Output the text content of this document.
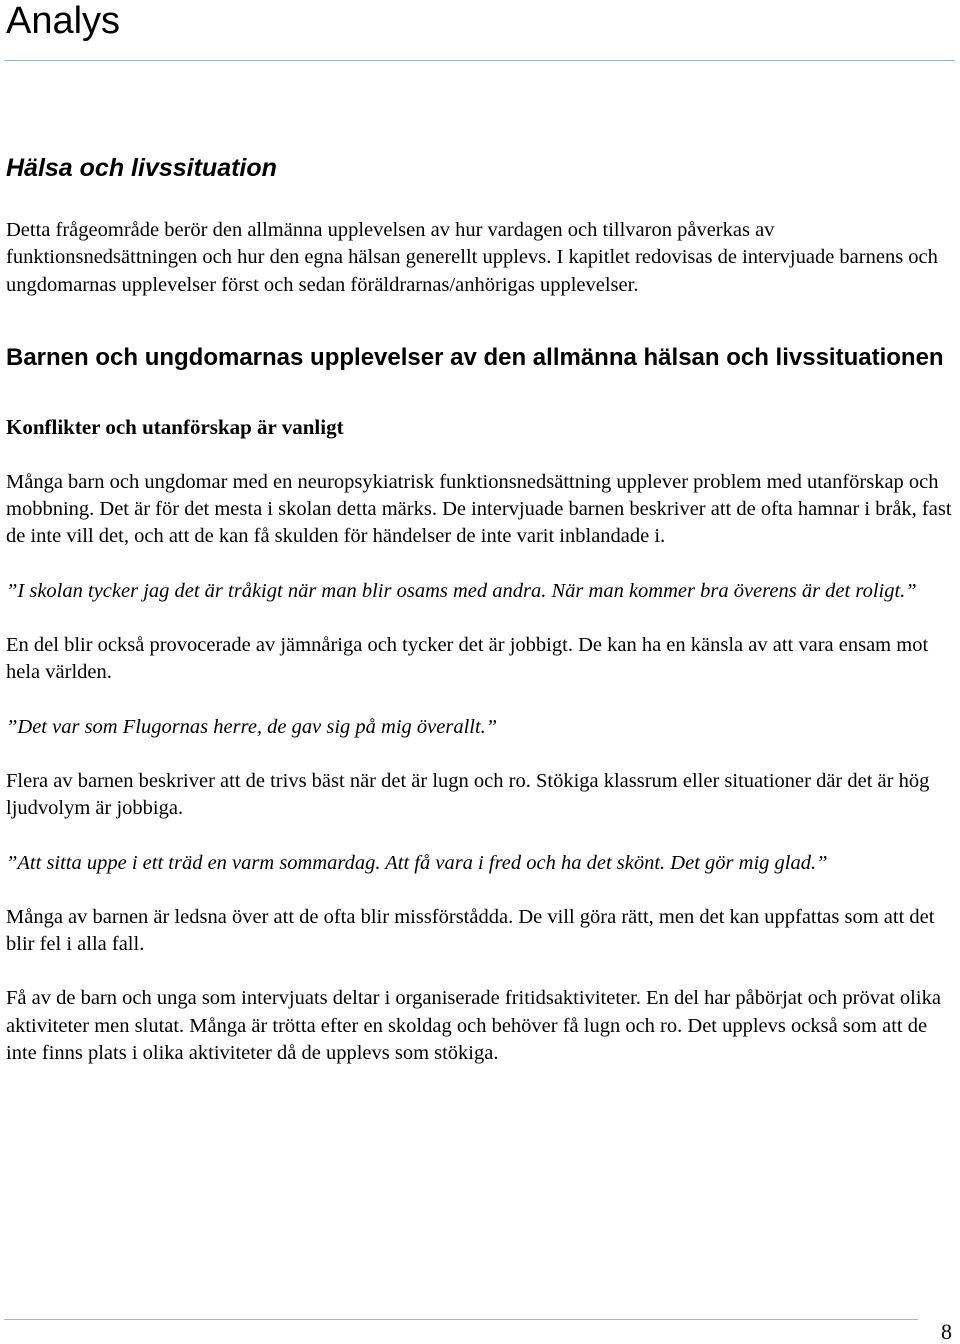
Analys
Hälsa och livssituation

Detta frågeområde berör den allmänna upplevelsen av hur vardagen och tillvaron påverkas av funktionsnedsättningen och hur den egna hälsan generellt upplevs. I kapitlet redovisas de intervjuade barnens och ungdomarnas upplevelser först och sedan föräldrarnas/anhörigas upplevelser.

Barnen och ungdomarnas upplevelser av den allmänna hälsan och livssituationen
Konflikter och utanförskap är vanligt

Många barn och ungdomar med en neuropsykiatrisk funktionsnedsättning upplever problem med utanförskap och mobbning. Det är för det mesta i skolan detta märks. De intervjuade barnen beskriver att de ofta hamnar i bråk, fast de inte vill det, och att de kan få skulden för händelser de inte varit inblandade i.

”I skolan tycker jag det är tråkigt när man blir osams med andra. När man kommer bra överens är det roligt.”

En del blir också provocerade av jämnåriga och tycker det är jobbigt. De kan ha en känsla av att vara ensam mot hela världen.

”Det var som Flugornas herre, de gav sig på mig överallt.”

Flera av barnen beskriver att de trivs bäst när det är lugn och ro. Stökiga klassrum eller situationer där det är hög ljudvolym är jobbiga.

”Att sitta uppe i ett träd en varm sommardag. Att få vara i fred och ha det skönt. Det gör mig glad.”

Många av barnen är ledsna över att de ofta blir missförstådda. De vill göra rätt, men det kan uppfattas som att det blir fel i alla fall.

Få av de barn och unga som intervjuats deltar i organiserade fritidsaktiviteter. En del har påbörjat och prövat olika aktiviteter men slutat. Många är trötta efter en skoldag och behöver få lugn och ro. Det upplevs också som att de inte finns plats i olika aktiviteter då de upplevs som stökiga.

8
